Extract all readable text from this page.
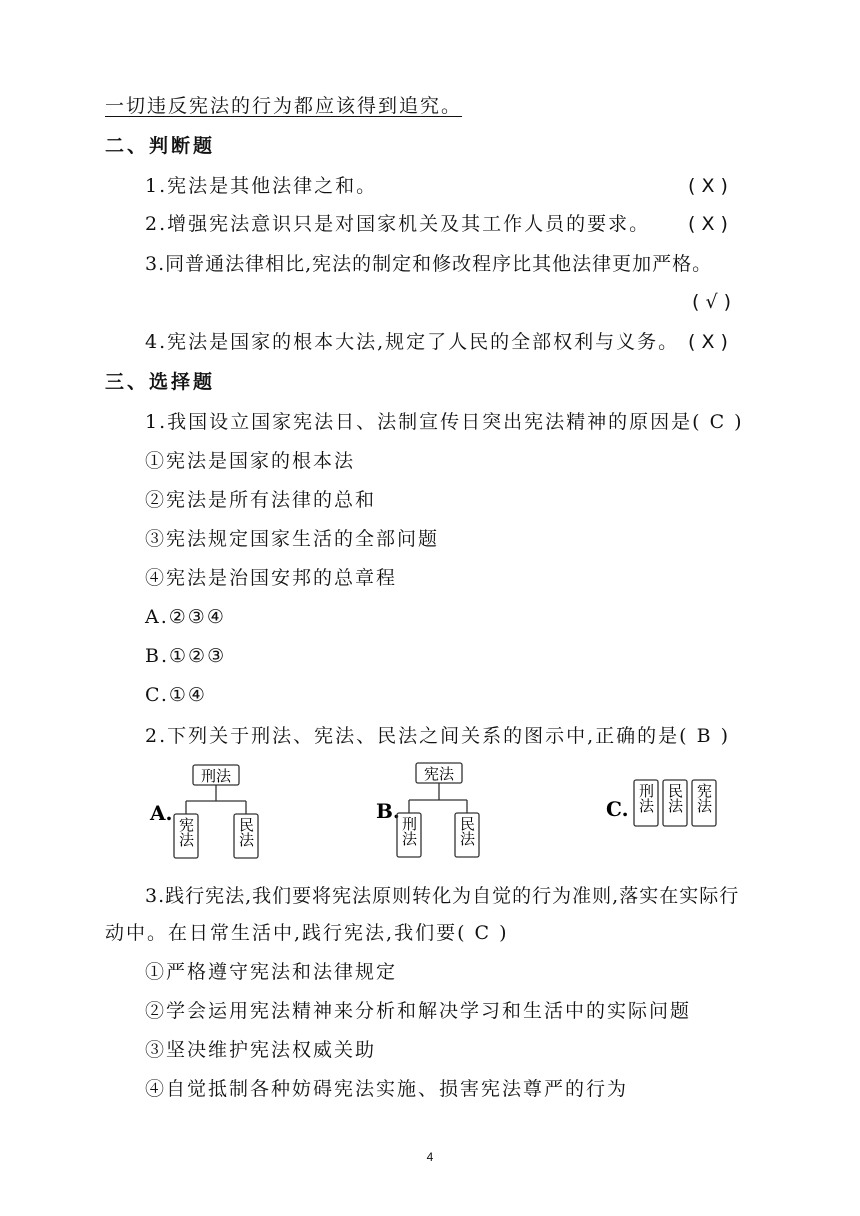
一切违反宪法的行为都应该得到追究。
二、判断题
1.宪法是其他法律之和。	( X )
2.增强宪法意识只是对国家机关及其工作人员的要求。 ( X )
3.同普通法律相比,宪法的制定和修改程序比其他法律更加严格。
( √ )
4.宪法是国家的根本大法,规定了人民的全部权利与义务。 ( X )
三、选择题
1.我国设立国家宪法日、法制宣传日突出宪法精神的原因是( C )
①宪法是国家的根本法
②宪法是所有法律的总和
③宪法规定国家生活的全部问题
④宪法是治国安邦的总章程
A.②③④
B.①②③
C.①④
2.下列关于刑法、宪法、民法之间关系的图示中,正确的是( B )
A.
刑法
宪法	民法
B.
宪法
刑法	民法
C. 刑法 民法 宪法
3.践行宪法,我们要将宪法原则转化为自觉的行为准则,落实在实际行
动中。在日常生活中,践行宪法,我们要( C )
①严格遵守宪法和法律规定
②学会运用宪法精神来分析和解决学习和生活中的实际问题
③坚决维护宪法权威关助
④自觉抵制各种妨碍宪法实施、损害宪法尊严的行为
4
